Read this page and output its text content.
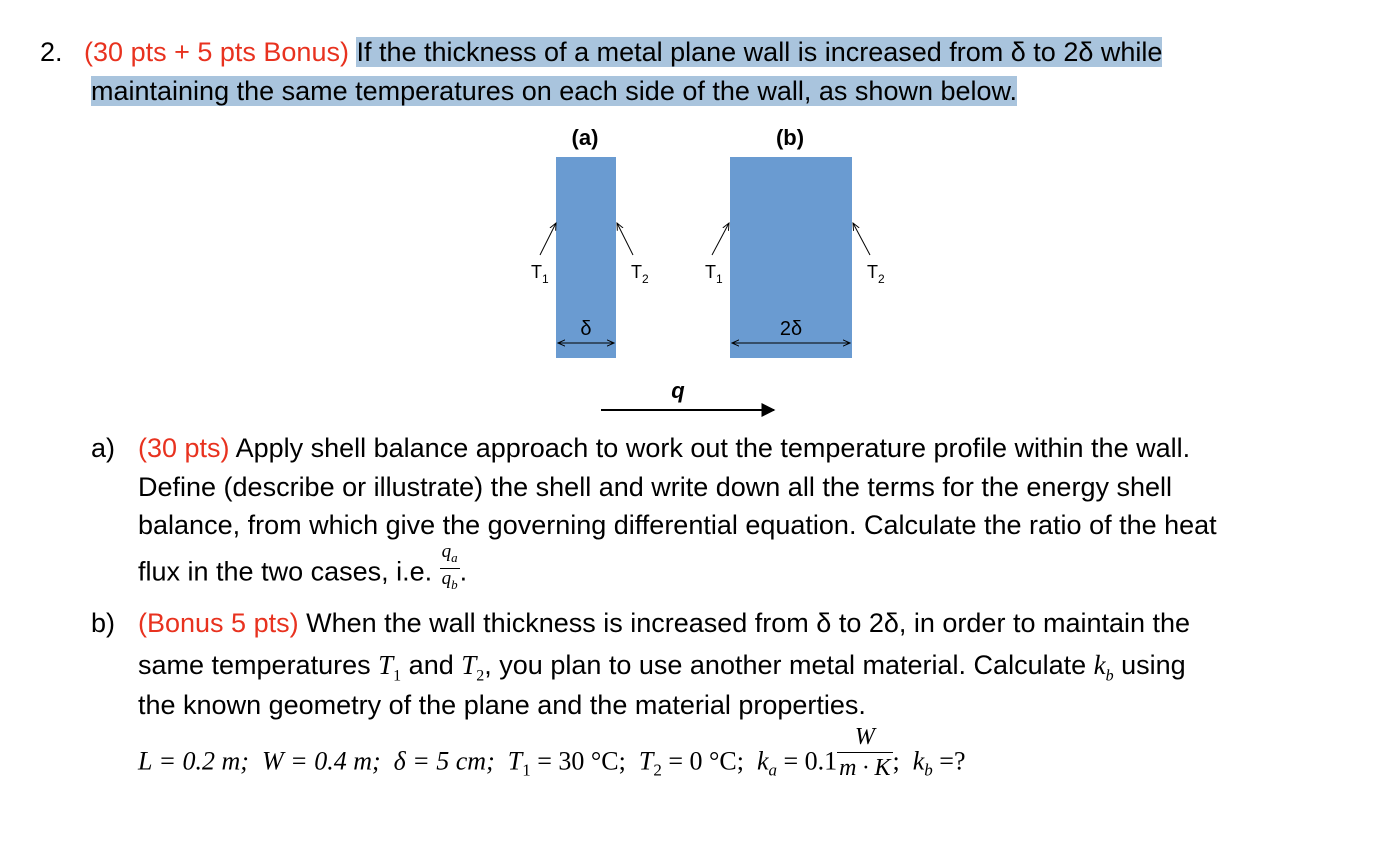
2. (30 pts + 5 pts Bonus) If the thickness of a metal plane wall is increased from δ to 2δ while
maintaining the same temperatures on each side of the wall, as shown below.
(a)	(b)
$T_1$	$T_2$	$T_1$	$T_2$
δ	2δ
q
a) (30 pts) Apply shell balance approach to work out the temperature profile within the wall.
Define (describe or illustrate) the shell and write down all the terms for the energy shell
balance, from which give the governing differential equation. Calculate the ratio of the heat
flux in the two cases, i.e. $\frac{q_a}{q_b}$ .
b) (Bonus 5 pts) When the wall thickness is increased from δ to 2δ, in order to maintain the
same temperatures $T_1$ and $T_2$, you plan to use another metal material. Calculate $k_b$ using
the known geometry of the plane and the material properties.
L = 0.2 m; W = 0.4 m; δ = 5 cm; $T_1 = 30$ °C; $T_2 = 0$ °C; $k_a = 0.1 \frac{W}{m \cdot K}$ ;  $k_b$ =?
